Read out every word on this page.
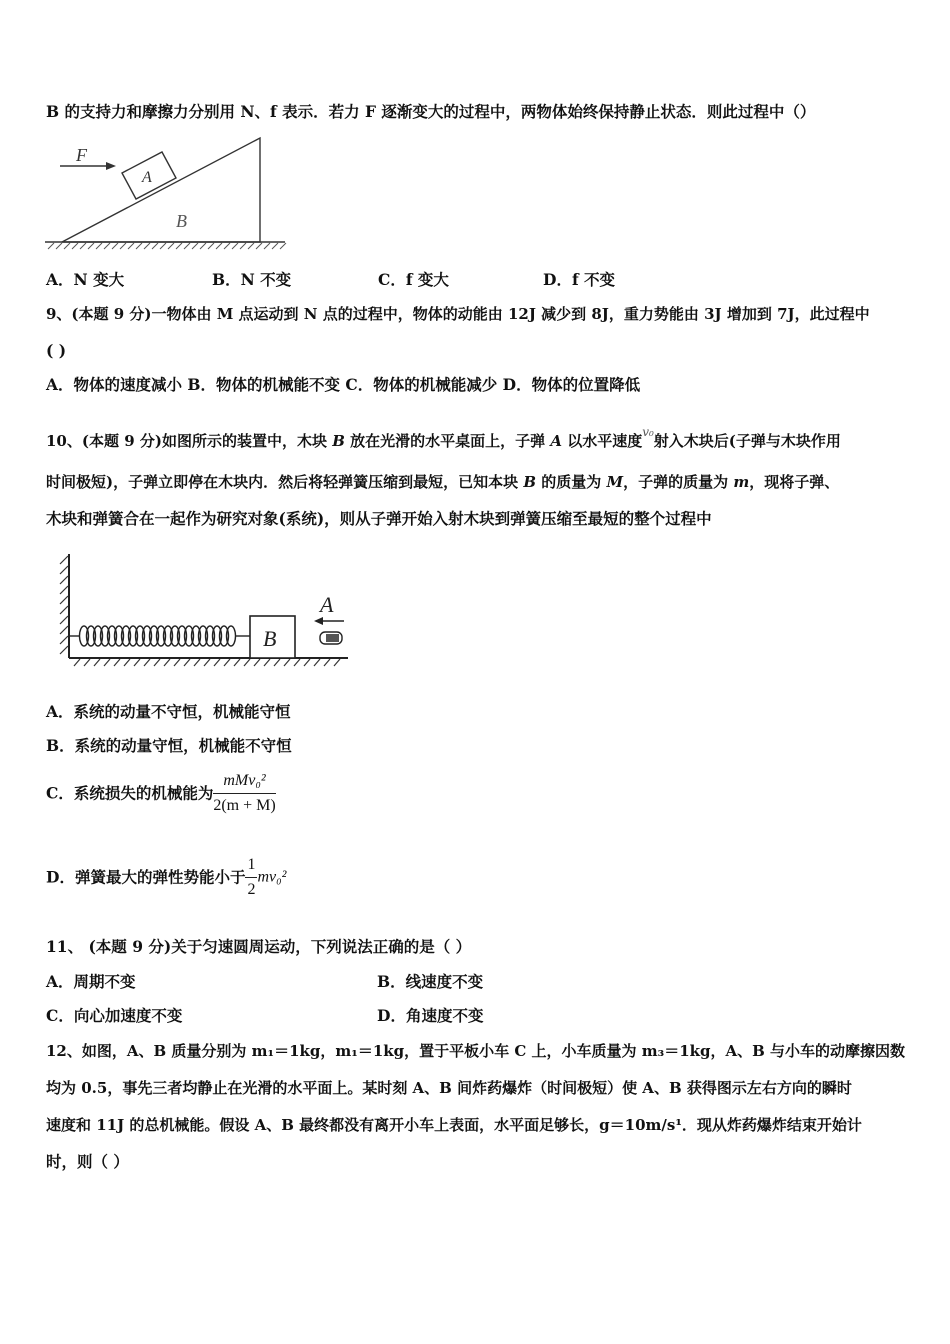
B 的支持力和摩擦力分别用 N、f 表示．若力 F 逐渐变大的过程中，两物体始终保持静止状态．则此过程中（）
F
A
B
A．N 变大	B．N 不变	C．f 变大	D．f 不变
9、(本题 9 分)一物体由 M 点运动到 N 点的过程中，物体的动能由 12J 减少到 8J，重力势能由 3J 增加到 7J，此过程中
( )
A．物体的速度减小 B．物体的机械能不变 C．物体的机械能减少 D．物体的位置降低
10、(本题 9 分)如图所示的装置中，木块 B 放在光滑的水平桌面上，子弹 A 以水平速度$^{v_0}$射入木块后(子弹与木块作用
时间极短)，子弹立即停在木块内．然后将轻弹簧压缩到最短，已知本块 B 的质量为 M，子弹的质量为 m，现将子弹、
木块和弹簧合在一起作为研究对象(系统)，则从子弹开始入射木块到弹簧压缩至最短的整个过程中
B
A
A．系统的动量不守恒，机械能守恒
B．系统的动量守恒，机械能不守恒
C．系统损失的机械能为 $\frac{\text{mMv₀²}}{2(m + M)}$
D．弹簧最大的弹性势能小于 $\frac{1}{2} mv_0^2$
11、 (本题 9 分)关于匀速圆周运动，下列说法正确的是（ ）
A．周期不变	B．线速度不变
C．向心加速度不变	D．角速度不变
12、如图，A、B 质量分别为 m₁＝1kg，m₁＝1kg，置于平板小车 C 上，小车质量为 m₃＝1kg，A、B 与小车的动摩擦因数
均为 0.5，事先三者均静止在光滑的水平面上。某时刻 A、B 间炸药爆炸（时间极短）使 A、B 获得图示左右方向的瞬时
速度和 11J 的总机械能。假设 A、B 最终都没有离开小车上表面，水平面足够长，g＝10m/s¹．现从炸药爆炸结束开始计
时，则（ ）
